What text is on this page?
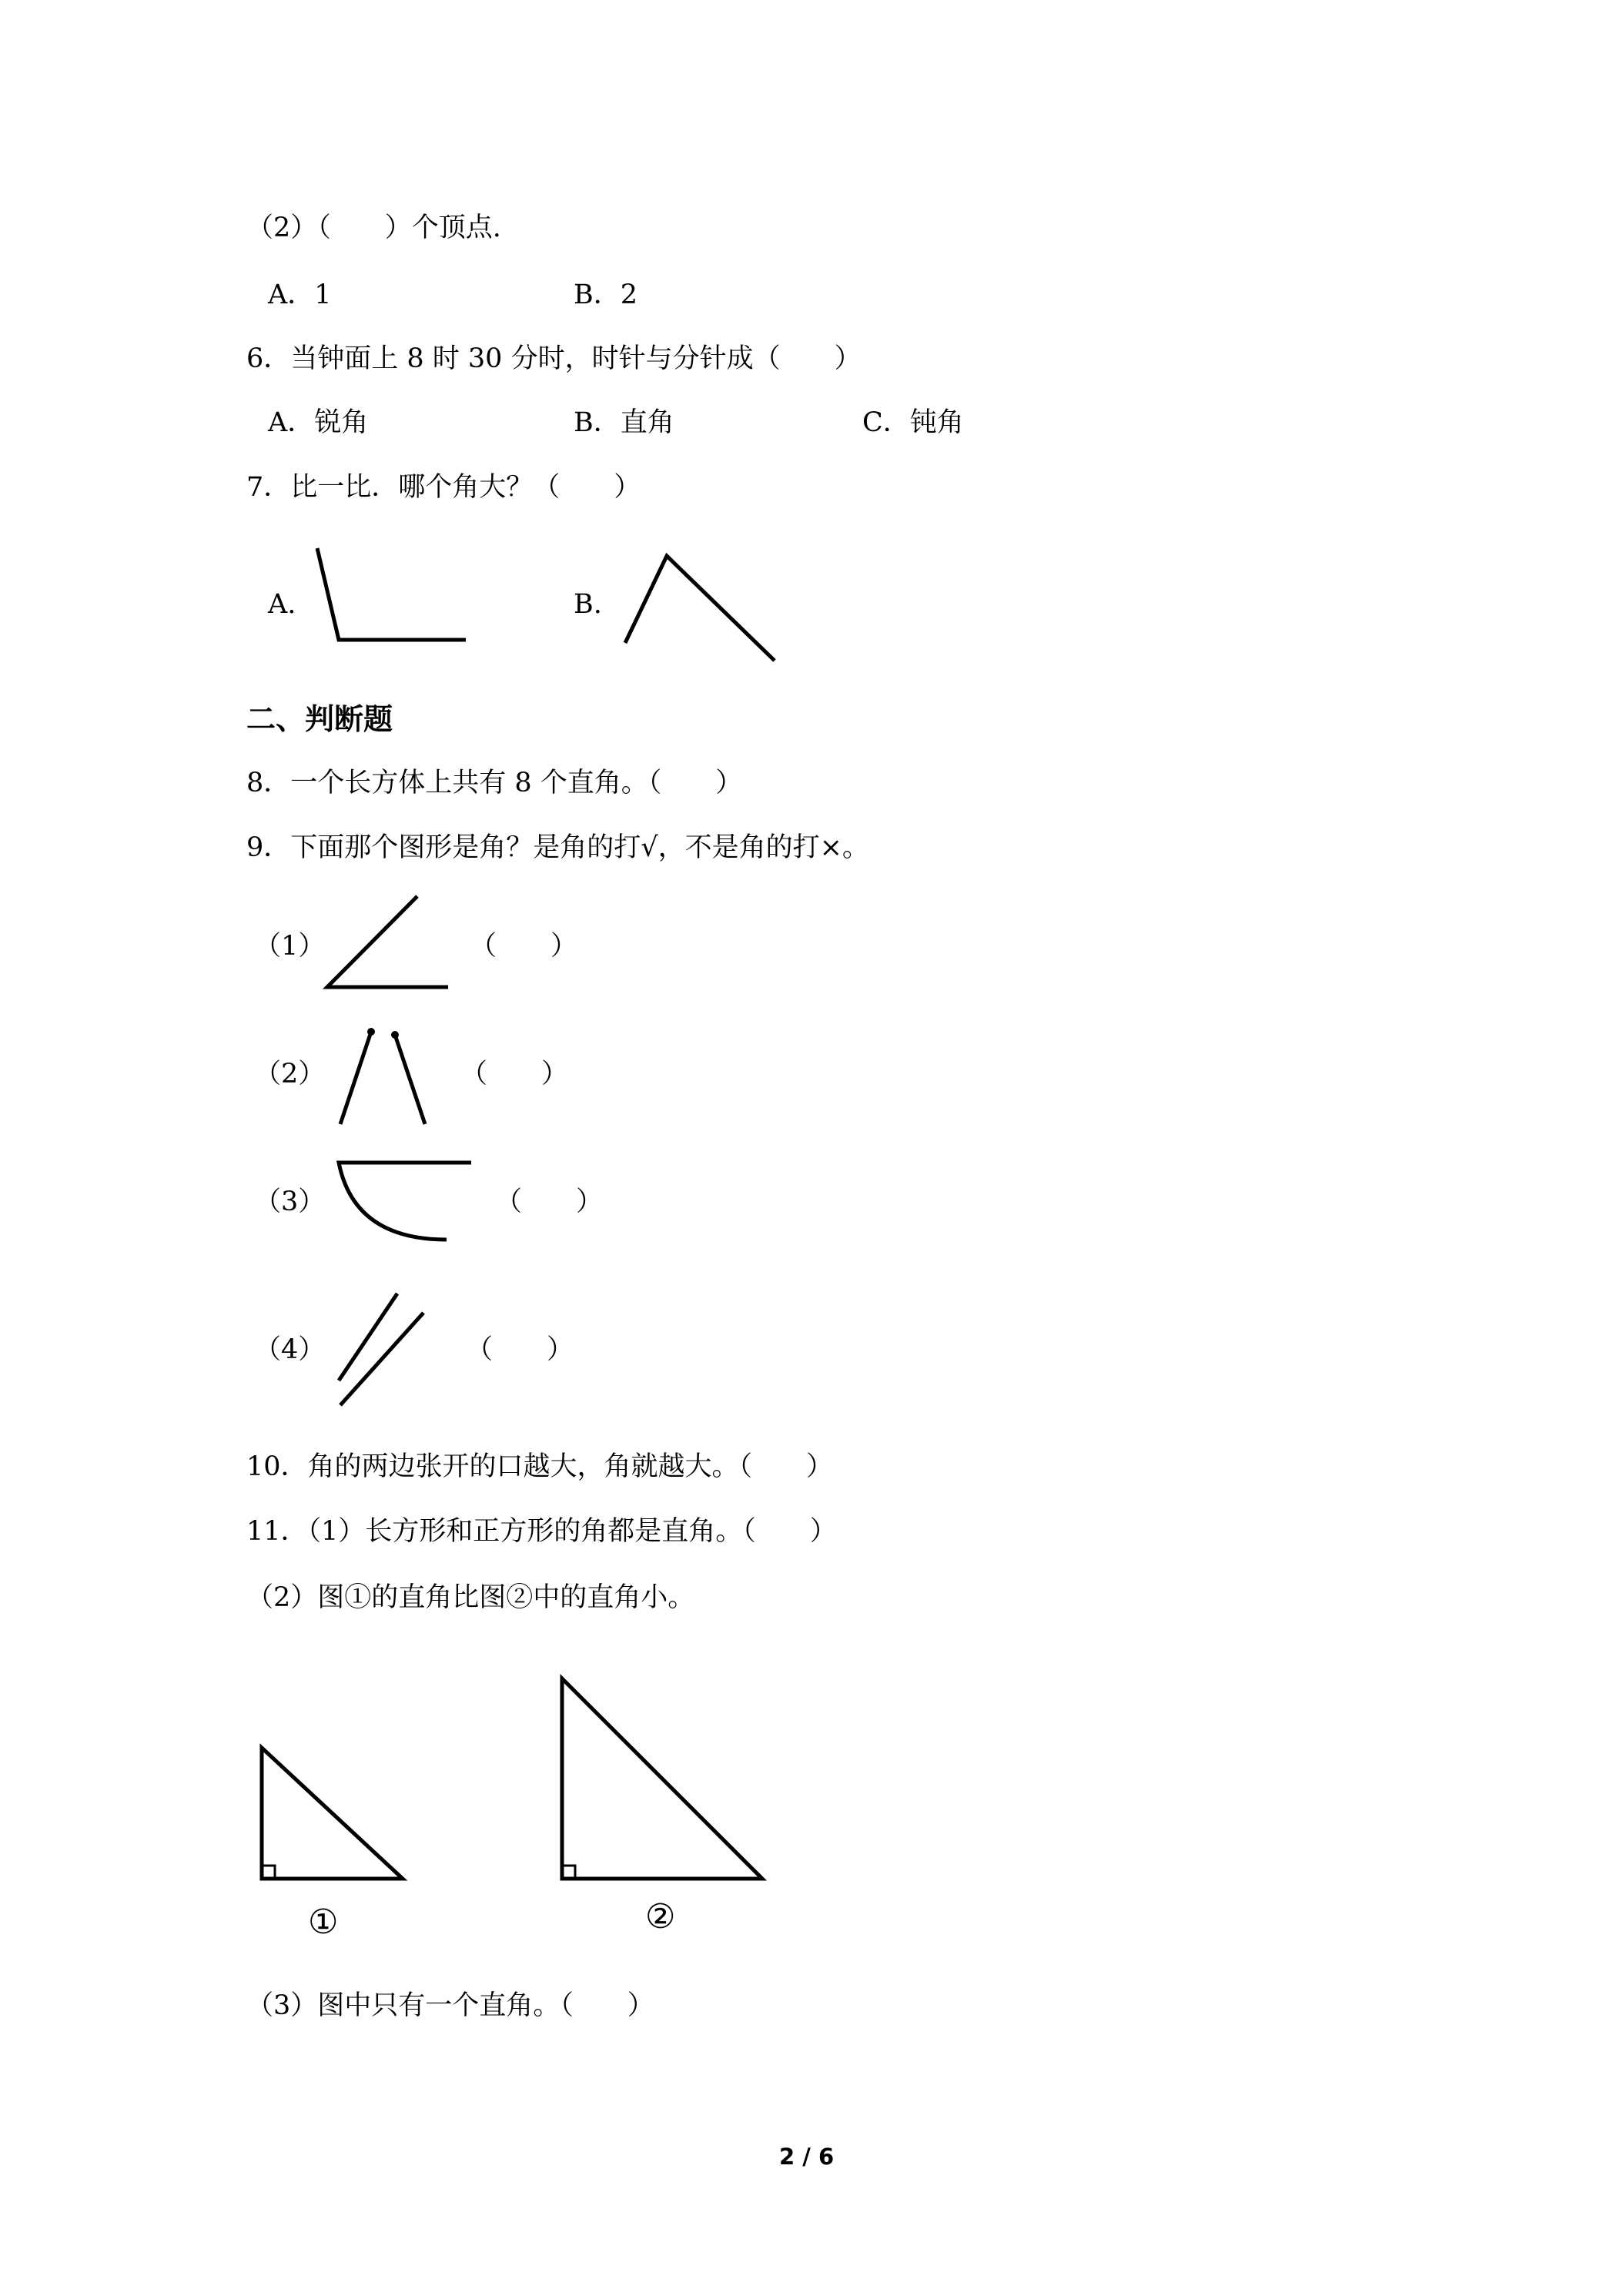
（2）（　　）个顶点.
A．1	B．2
6．当钟面上 8 时 30 分时，时针与分针成（　　）
A．锐角	B．直角	C．钝角
7．比一比．哪个角大？（　　）
A.	B.
二、判断题
8．一个长方体上共有 8 个直角。（　　）
9．下面那个图形是角？是角的打√，不是角的打×。
（1）	（　　）
（2）	（　　）
（3）	（　　）
（4）	（　　）
10．角的两边张开的口越大，角就越大。（　　）
11．（1）长方形和正方形的角都是直角。（　　）
（2）图①的直角比图②中的直角小。
①	②
（3）图中只有一个直角。（　　）
2 / 6
